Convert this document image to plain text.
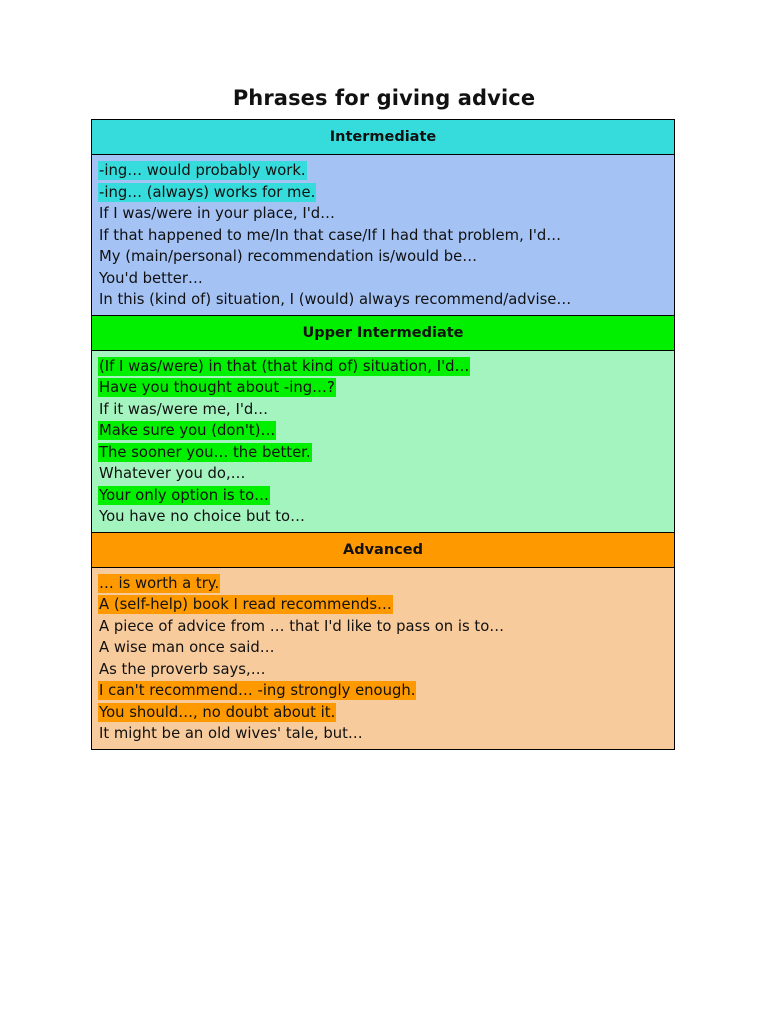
Phrases for giving advice
Intermediate
-ing… would probably work.
-ing… (always) works for me.
If I was/were in your place, I'd…
If that happened to me/In that case/If I had that problem, I'd…
My (main/personal) recommendation is/would be…
You'd better…
In this (kind of) situation, I (would) always recommend/advise…
Upper Intermediate
(If I was/were) in that (that kind of) situation, I'd…
Have you thought about -ing…?
If it was/were me, I'd…
Make sure you (don't)…
The sooner you… the better.
Whatever you do,…
Your only option is to…
You have no choice but to…
Advanced
… is worth a try.
A (self-help) book I read recommends…
A piece of advice from … that I'd like to pass on is to…
A wise man once said…
As the proverb says,…
I can't recommend… -ing strongly enough.
You should…, no doubt about it.
It might be an old wives' tale, but…
